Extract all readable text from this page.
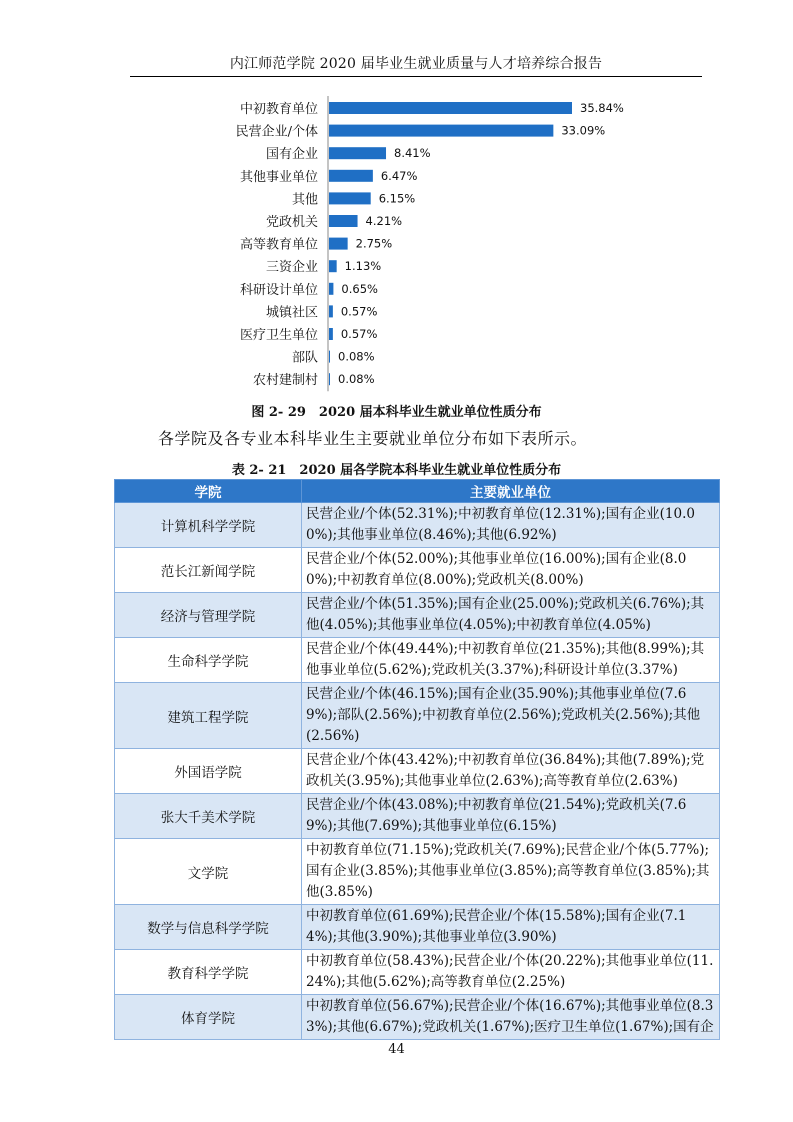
内江师范学院 2020 届毕业生就业质量与人才培养综合报告
中初教育单位	35.84%
民营企业/个体	33.09%
国有企业	8.41%
其他事业单位	6.47%
其他	6.15%
党政机关	4.21%
高等教育单位	2.75%
三资企业 1.13%
科研设计单位 0.65%
城镇社区 0.57%
医疗卫生单位 0.57%
部队 0.08%
农村建制村 0.08%
图 2- 29　2020 届本科毕业生就业单位性质分布
各学院及各专业本科毕业生主要就业单位分布如下表所示。
表 2- 21　2020 届各学院本科毕业生就业单位性质分布
学院	主要就业单位
计算机科学学院	民营企业/个体(52.31%);中初教育单位(12.31%);国有企业(10.00%);其他事业单位(8.46%);其他(6.92%)
范长江新闻学院	民营企业/个体(52.00%);其他事业单位(16.00%);国有企业(8.00%);中初教育单位(8.00%);党政机关(8.00%)
经济与管理学院	民营企业/个体(51.35%);国有企业(25.00%);党政机关(6.76%);其他(4.05%);其他事业单位(4.05%);中初教育单位(4.05%)
生命科学学院	民营企业/个体(49.44%);中初教育单位(21.35%);其他(8.99%);其他事业单位(5.62%);党政机关(3.37%);科研设计单位(3.37%)
建筑工程学院	民营企业/个体(46.15%);国有企业(35.90%);其他事业单位(7.69%);部队(2.56%);中初教育单位(2.56%);党政机关(2.56%);其他(2.56%)
外国语学院	民营企业/个体(43.42%);中初教育单位(36.84%);其他(7.89%);党政机关(3.95%);其他事业单位(2.63%);高等教育单位(2.63%)
张大千美术学院	民营企业/个体(43.08%);中初教育单位(21.54%);党政机关(7.69%);其他(7.69%);其他事业单位(6.15%)
文学院	中初教育单位(71.15%);党政机关(7.69%);民营企业/个体(5.77%);国有企业(3.85%);其他事业单位(3.85%);高等教育单位(3.85%);其他(3.85%)
数学与信息科学学院	中初教育单位(61.69%);民营企业/个体(15.58%);国有企业(7.14%);其他(3.90%);其他事业单位(3.90%)
教育科学学院	中初教育单位(58.43%);民营企业/个体(20.22%);其他事业单位(11.24%);其他(5.62%);高等教育单位(2.25%)
体育学院	中初教育单位(56.67%);民营企业/个体(16.67%);其他事业单位(8.33%);其他(6.67%);党政机关(1.67%);医疗卫生单位(1.67%);国有企
44
